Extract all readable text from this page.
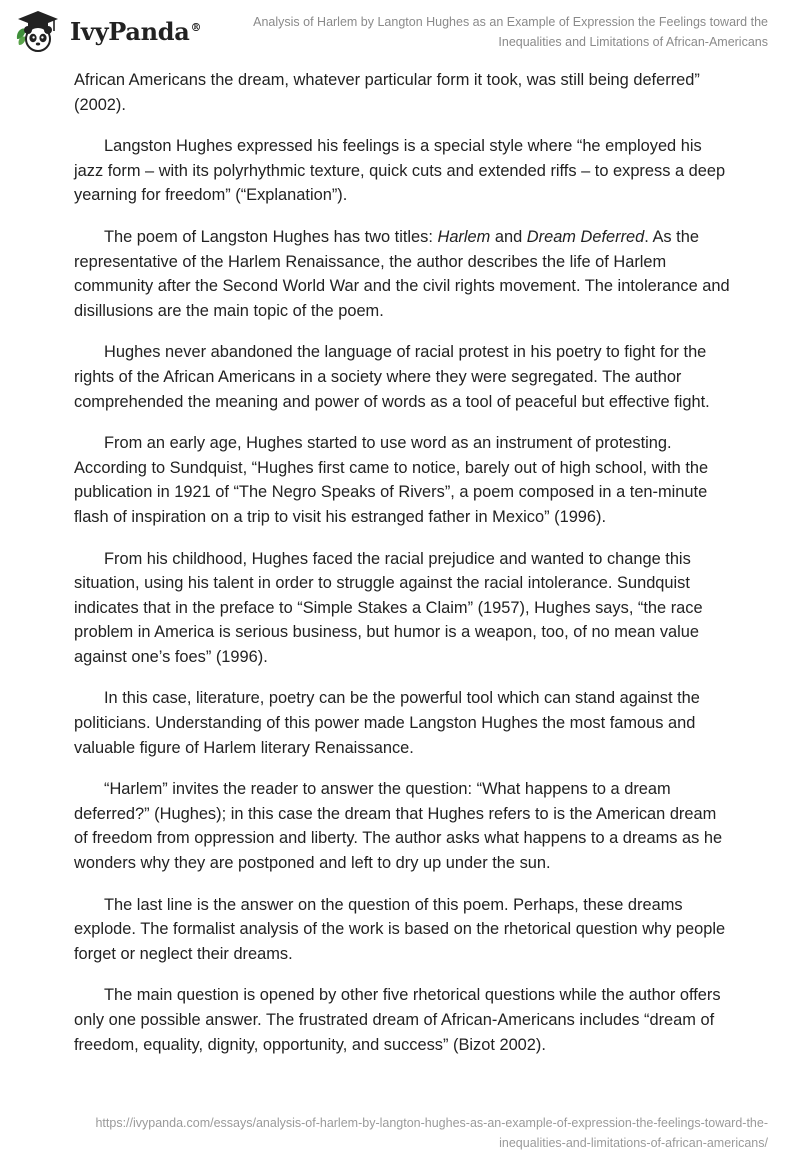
IvyPanda®	Analysis of Harlem by Langton Hughes as an Example of Expression the Feelings toward the
Inequalities and Limitations of African-Americans

African Americans the dream, whatever particular form it took, was still being deferred” (2002).

Langston Hughes expressed his feelings is a special style where “he employed his jazz form – with its polyrhythmic texture, quick cuts and extended riffs – to express a deep yearning for freedom” (“Explanation”).

The poem of Langston Hughes has two titles: Harlem and Dream Deferred. As the representative of the Harlem Renaissance, the author describes the life of Harlem community after the Second World War and the civil rights movement. The intolerance and disillusions are the main topic of the poem.

Hughes never abandoned the language of racial protest in his poetry to fight for the rights of the African Americans in a society where they were segregated. The author comprehended the meaning and power of words as a tool of peaceful but effective fight.

From an early age, Hughes started to use word as an instrument of protesting. According to Sundquist, “Hughes first came to notice, barely out of high school, with the publication in 1921 of “The Negro Speaks of Rivers”, a poem composed in a ten-minute flash of inspiration on a trip to visit his estranged father in Mexico” (1996).

From his childhood, Hughes faced the racial prejudice and wanted to change this situation, using his talent in order to struggle against the racial intolerance. Sundquist indicates that in the preface to “Simple Stakes a Claim” (1957), Hughes says, “the race problem in America is serious business, but humor is a weapon, too, of no mean value against one’s foes” (1996).

In this case, literature, poetry can be the powerful tool which can stand against the politicians. Understanding of this power made Langston Hughes the most famous and valuable figure of Harlem literary Renaissance.

“Harlem” invites the reader to answer the question: “What happens to a dream deferred?” (Hughes); in this case the dream that Hughes refers to is the American dream of freedom from oppression and liberty. The author asks what happens to a dreams as he wonders why they are postponed and left to dry up under the sun.

The last line is the answer on the question of this poem. Perhaps, these dreams explode. The formalist analysis of the work is based on the rhetorical question why people forget or neglect their dreams.

The main question is opened by other five rhetorical questions while the author offers only one possible answer. The frustrated dream of African-Americans includes “dream of freedom, equality, dignity, opportunity, and success” (Bizot 2002).

https://ivypanda.com/essays/analysis-of-harlem-by-langton-hughes-as-an-example-of-expression-the-feelings-toward-the-
inequalities-and-limitations-of-african-americans/
